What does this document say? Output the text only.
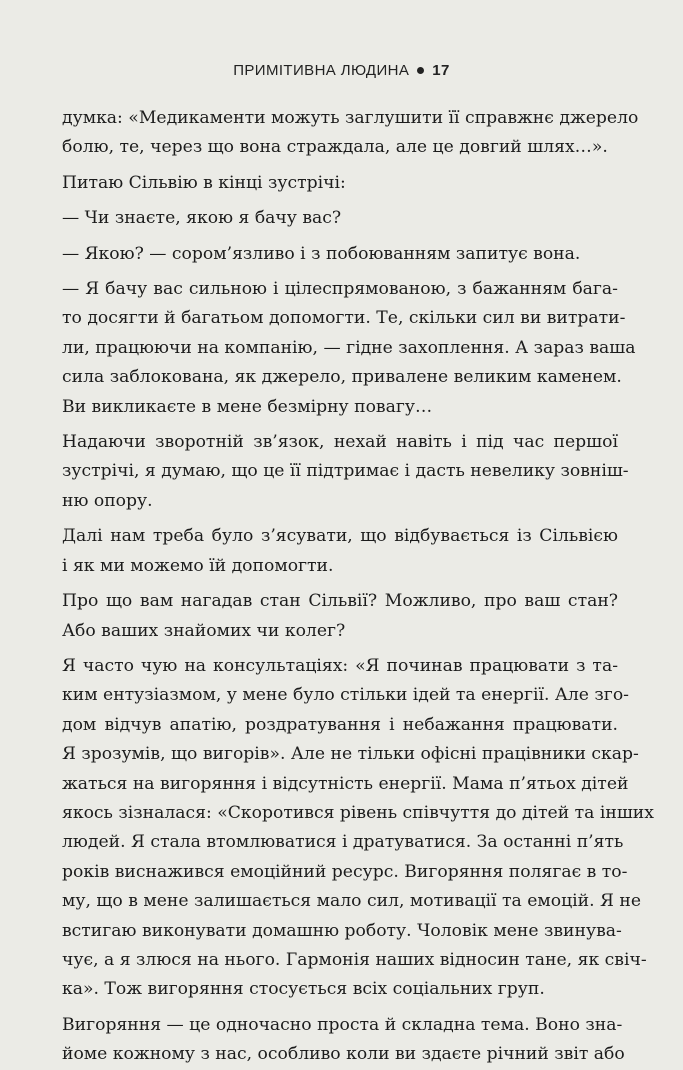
ПРИМІТИВНА ЛЮДИНА 17
думка: «Медикаменти можуть заглушити її справжнє джерело
болю, те, через що вона страждала, але це довгий шлях…».
Питаю Сільвію в кінці зустрічі:
— Чи знаєте, якою я бачу вас?
— Якою? — сором’язливо і з побоюванням запитує вона.
— Я бачу вас сильною і цілеспрямованою, з бажанням бага-
то досягти й багатьом допомогти. Те, скільки сил ви витрати-
ли, працюючи на компанію, — гідне захоплення. А зараз ваша
сила заблокована, як джерело, привалене великим каменем.
Ви викликаєте в мене безмірну повагу…
Надаючи зворотній зв’язок, нехай навіть і під час першої
зустрічі, я думаю, що це її підтримає і дасть невелику зовніш-
ню опору.
Далі нам треба було з’ясувати, що відбувається із Сільвією
і як ми можемо їй допомогти.
Про що вам нагадав стан Сільвії? Можливо, про ваш стан?
Або ваших знайомих чи колег?
Я часто чую на консультаціях: «Я починав працювати з та-
ким ентузіазмом, у мене було стільки ідей та енергії. Але зго-
дом відчув апатію, роздратування і небажання працювати.
Я зрозумів, що вигорів». Але не тільки офісні працівники скар-
жаться на вигоряння і відсутність енергії. Мама п’ятьох дітей
якось зізналася: «Скоротився рівень співчуття до дітей та інших
людей. Я стала втомлюватися і дратуватися. За останні п’ять
років виснажився емоційний ресурс. Вигоряння полягає в то-
му, що в мене залишається мало сил, мотивації та емоцій. Я не
встигаю виконувати домашню роботу. Чоловік мене звинува-
чує, а я злюся на нього. Гармонія наших відносин тане, як свіч-
ка». Тож вигоряння стосується всіх соціальних груп.
Вигоряння — це одночасно проста й складна тема. Воно зна-
йоме кожному з нас, особливо коли ви здаєте річний звіт або
